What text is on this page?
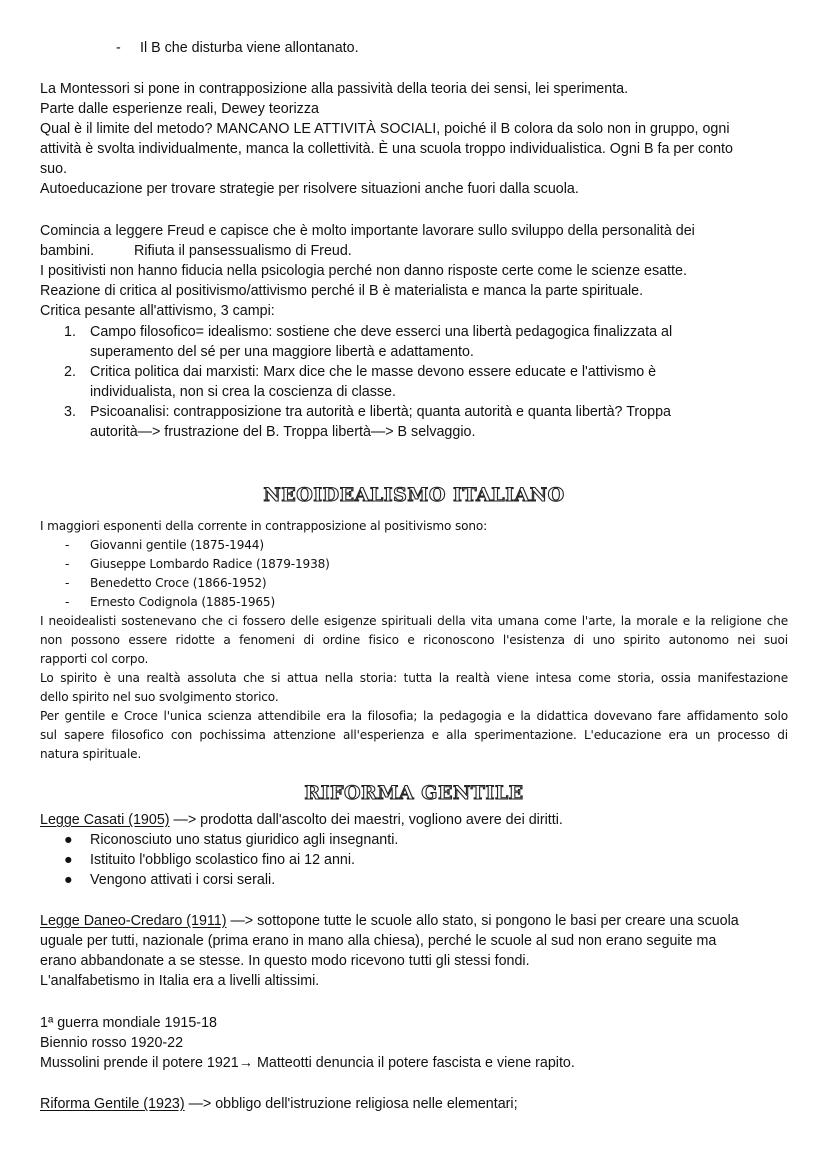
- Il B che disturba viene allontanato.

La Montessori si pone in contrapposizione alla passività della teoria dei sensi, lei sperimenta.

Parte dalle esperienze reali, Dewey teorizza

Qual è il limite del metodo? MANCANO LE ATTIVITÀ SOCIALI, poiché il B colora da solo non in gruppo, ogni

attività è svolta individualmente, manca la collettività. È una scuola troppo individualistica. Ogni B fa per conto

suo.

Autoeducazione per trovare strategie per risolvere situazioni anche fuori dalla scuola.

Comincia a leggere Freud e capisce che è molto importante lavorare sullo sviluppo della personalità dei

bambini.	Rifiuta il pansessualismo di Freud.

I positivisti non hanno fiducia nella psicologia perché non danno risposte certe come le scienze esatte.

Reazione di critica al positivismo/attivismo perché il B è materialista e manca la parte spirituale.

Critica pesante all'attivismo, 3 campi:

1. Campo filosofico= idealismo: sostiene che deve esserci una libertà pedagogica finalizzata al
superamento del sé per una maggiore libertà e adattamento.
2. Critica politica dai marxisti: Marx dice che le masse devono essere educate e l'attivismo è
individualista, non si crea la coscienza di classe.
3. Psicoanalisi: contrapposizione tra autorità e libertà; quanta autorità e quanta libertà? Troppa
autorità—> frustrazione del B. Troppa libertà—> B selvaggio.
NEOIDEALISMO ITALIANO
I maggiori esponenti della corrente in contrapposizione al positivismo sono:
- Giovanni gentile (1875-1944)
- Giuseppe Lombardo Radice (1879-1938)
- Benedetto Croce (1866-1952)
- Ernesto Codignola (1885-1965)

I neoidealisti sostenevano che ci fossero delle esigenze spirituali della vita umana come l'arte, la morale e la religione che

non possono essere ridotte a fenomeni di ordine fisico e riconoscono l'esistenza di uno spirito autonomo nei suoi

rapporti col corpo.

Lo spirito è una realtà assoluta che si attua nella storia: tutta la realtà viene intesa come storia, ossia manifestazione

dello spirito nel suo svolgimento storico.

Per gentile e Croce l'unica scienza attendibile era la filosofia; la pedagogia e la didattica dovevano fare affidamento solo

sul sapere filosofico con pochissima attenzione all'esperienza e alla sperimentazione. L'educazione era un processo di

natura spirituale.

RIFORMA GENTILE
Legge Casati (1905) —> prodotta dall'ascolto dei maestri, vogliono avere dei diritti.
● Riconosciuto uno status giuridico agli insegnanti.
● Istituito l'obbligo scolastico fino ai 12 anni.
● Vengono attivati i corsi serali.

Legge Daneo-Credaro (1911) —> sottopone tutte le scuole allo stato, si pongono le basi per creare una scuola

uguale per tutti, nazionale (prima erano in mano alla chiesa), perché le scuole al sud non erano seguite ma

erano abbandonate a se stesse. In questo modo ricevono tutti gli stessi fondi.

L'analfabetismo in Italia era a livelli altissimi.

1ª guerra mondiale 1915-18

Biennio rosso 1920-22

Mussolini prende il potere 1921→ Matteotti denuncia il potere fascista e viene rapito.

Riforma Gentile (1923) —> obbligo dell'istruzione religiosa nelle elementari;
